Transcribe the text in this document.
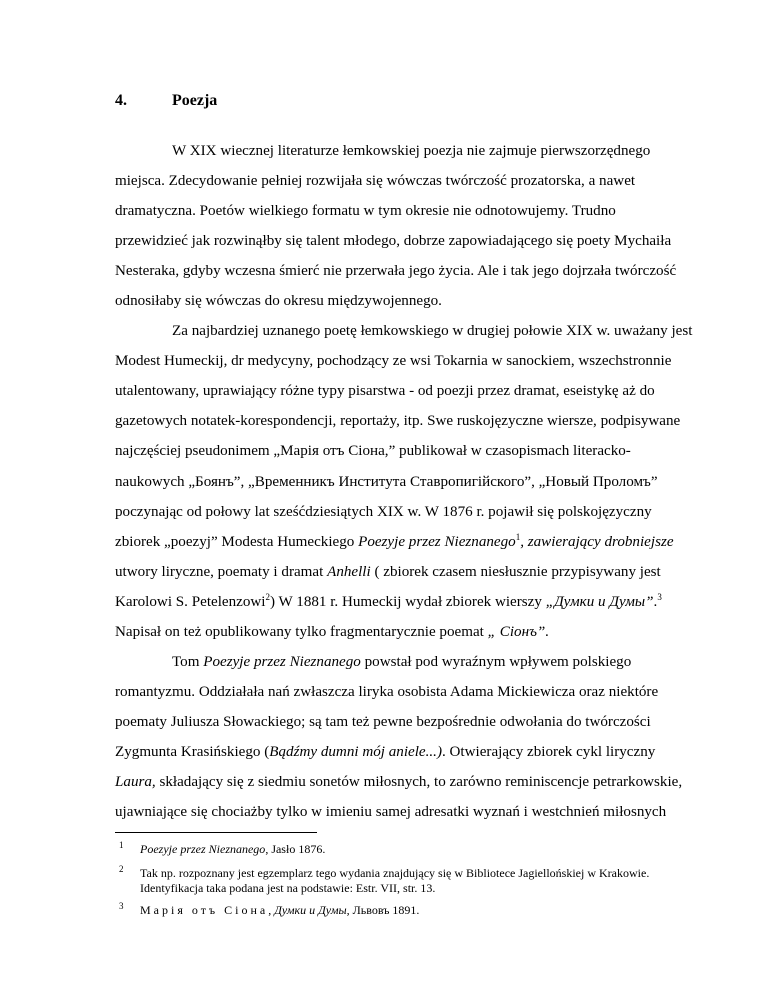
4.	Poezja
W XIX wiecznej literaturze łemkowskiej poezja nie zajmuje pierwszorzędnego
miejsca. Zdecydowanie pełniej rozwijała się wówczas twórczość prozatorska, a nawet
dramatyczna. Poetów wielkiego formatu w tym okresie nie odnotowujemy. Trudno
przewidzieć jak rozwinąłby się talent młodego, dobrze zapowiadającego się poety Mychaiła
Nesteraka, gdyby wczesna śmierć nie przerwała jego życia. Ale i tak jego dojrzała twórczość
odnosiłaby się wówczas do okresu międzywojennego.
Za najbardziej uznanego poetę łemkowskiego w drugiej połowie XIX w. uważany jest
Modest Humeckij, dr medycyny, pochodzący ze wsi Tokarnia w sanockiem, wszechstronnie
utalentowany, uprawiający różne typy pisarstwa - od poezji przez dramat, eseistykę aż do
gazetowych notatek-korespondencji, reportaży, itp. Swe ruskojęzyczne wiersze, podpisywane
najczęściej pseudonimem „Марія отъ Сіона,” publikował w czasopismach literacko-
naukowych „Боянъ”, „Временникъ Института Ставропигійского”, „Новый Проломъ”
poczynając od połowy lat sześćdziesiątych XIX w. W 1876 r. pojawił się polskojęzyczny
zbiorek „poezyj” Modesta Humeckiego Poezyje przez Nieznanego$^1$, zawierający drobniejsze
utwory liryczne, poematy i dramat Anhelli ( zbiorek czasem niesłusznie przypisywany jest
Karolowi S. Petelenzowi$^2$) W 1881 r. Humeckij wydał zbiorek wierszy „Думки и Думы”.$^3$
Napisał on też opublikowany tylko fragmentarycznie poemat „ Сіонъ”.
Tom Poezyje przez Nieznanego powstał pod wyraźnym wpływem polskiego
romantyzmu. Oddziałała nań zwłaszcza liryka osobista Adama Mickiewicza oraz niektóre
poematy Juliusza Słowackiego; są tam też pewne bezpośrednie odwołania do twórczości
Zygmunta Krasińskiego (Bądźmy dumni mój aniele...). Otwierający zbiorek cykl liryczny
Laura, składający się z siedmiu sonetów miłosnych, to zarówno reminiscencje petrarkowskie,
ujawniające się chociażby tylko w imieniu samej adresatki wyznań i westchnień miłosnych
1 Poezyje przez Nieznanego, Jasło 1876.
2 Tak np. rozpoznany jest egzemplarz tego wydania znajdujący się w Bibliotece Jagiellońskiej w Krakowie.
Identyfikacja taka podana jest na podstawie: Estr. VII, str. 13.
3 Марія отъ Сіона, Думки и Думы, Львовъ 1891.
